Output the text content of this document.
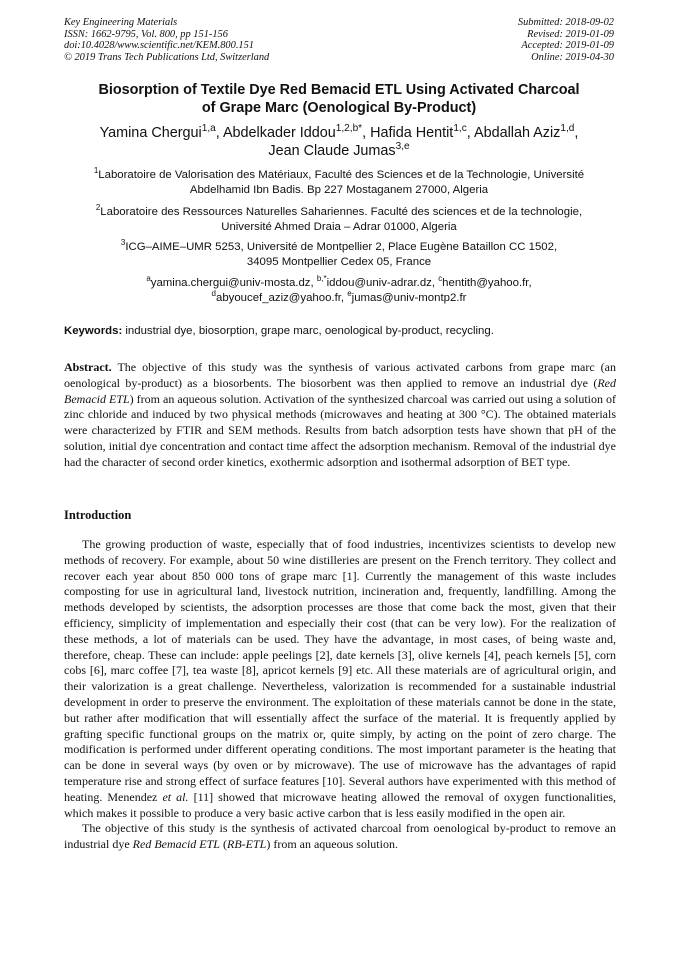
Key Engineering Materials
ISSN: 1662-9795, Vol. 800, pp 151-156
doi:10.4028/www.scientific.net/KEM.800.151
© 2019 Trans Tech Publications Ltd, Switzerland
Submitted: 2018-09-02
Revised: 2019-01-09
Accepted: 2019-01-09
Online: 2019-04-30
Biosorption of Textile Dye Red Bemacid ETL Using Activated Charcoal
of Grape Marc (Oenological By-Product)
Yamina Chergui$^{1,a}$, Abdelkader Iddou$^{1,2,b*}$, Hafida Hentit$^{1,c}$, Abdallah Aziz$^{1,d}$,
Jean Claude Jumas$^{3,e}$
$^1$Laboratoire de Valorisation des Matériaux, Faculté des Sciences et de la Technologie, Université
Abdelhamid Ibn Badis. Bp 227 Mostaganem 27000, Algeria
$^2$Laboratoire des Ressources Naturelles Sahariennes. Faculté des sciences et de la technologie,
Université Ahmed Draia – Adrar 01000, Algeria
$^3$ICG–AIME–UMR 5253, Université de Montpellier 2, Place Eugène Bataillon CC 1502,
34095 Montpellier Cedex 05, France
$^a$yamina.chergui@univ-mosta.dz, $^{b,*}$iddou@univ-adrar.dz, $^c$hentith@yahoo.fr,
$^d$abyoucef_aziz@yahoo.fr, $^e$jumas@univ-montp2.fr
Keywords: industrial dye, biosorption, grape marc, oenological by-product, recycling.
Abstract. The objective of this study was the synthesis of various activated carbons from grape marc (an oenological by-product) as a biosorbents. The biosorbent was then applied to remove an industrial dye (Red Bemacid ETL) from an aqueous solution. Activation of the synthesized charcoal was carried out using a solution of zinc chloride and induced by two physical methods (microwaves and heating at 300 °C). The obtained materials were characterized by FTIR and SEM methods. Results from batch adsorption tests have shown that pH of the solution, initial dye concentration and contact time affect the adsorption mechanism. Removal of the industrial dye had the character of second order kinetics, exothermic adsorption and isothermal adsorption of BET type.
Introduction

The growing production of waste, especially that of food industries, incentivizes scientists to develop new methods of recovery. For example, about 50 wine distilleries are present on the French territory. They collect and recover each year about 850 000 tons of grape marc [1]. Currently the management of this waste includes composting for use in agricultural land, livestock nutrition, incineration and, frequently, landfilling. Among the methods developed by scientists, the adsorption processes are those that come back the most, given that their efficiency, simplicity of implementation and especially their cost (that can be very low). For the realization of these methods, a lot of materials can be used. They have the advantage, in most cases, of being waste and, therefore, cheap. These can include: apple peelings [2], date kernels [3], olive kernels [4], peach kernels [5], corn cobs [6], marc coffee [7], tea waste [8], apricot kernels [9] etc. All these materials are of agricultural origin, and their valorization is a great challenge. Nevertheless, valorization is recommended for a sustainable industrial development in order to preserve the environment. The exploitation of these materials cannot be done in the state, but rather after modification that will essentially affect the surface of the material. It is frequently applied by grafting specific functional groups on the matrix or, quite simply, by acting on the point of zero charge. The modification is performed under different operating conditions. The most important parameter is the heating that can be done in several ways (by oven or by microwave). The use of microwave has the advantages of rapid temperature rise and strong effect of surface features [10]. Several authors have experimented with this method of heating. Menendez et al. [11] showed that microwave heating allowed the removal of oxygen functionalities, which makes it possible to produce a very basic active carbon that is less easily modified in the open air.

The objective of this study is the synthesis of activated charcoal from oenological by-product to remove an industrial dye Red Bemacid ETL (RB-ETL) from an aqueous solution.
